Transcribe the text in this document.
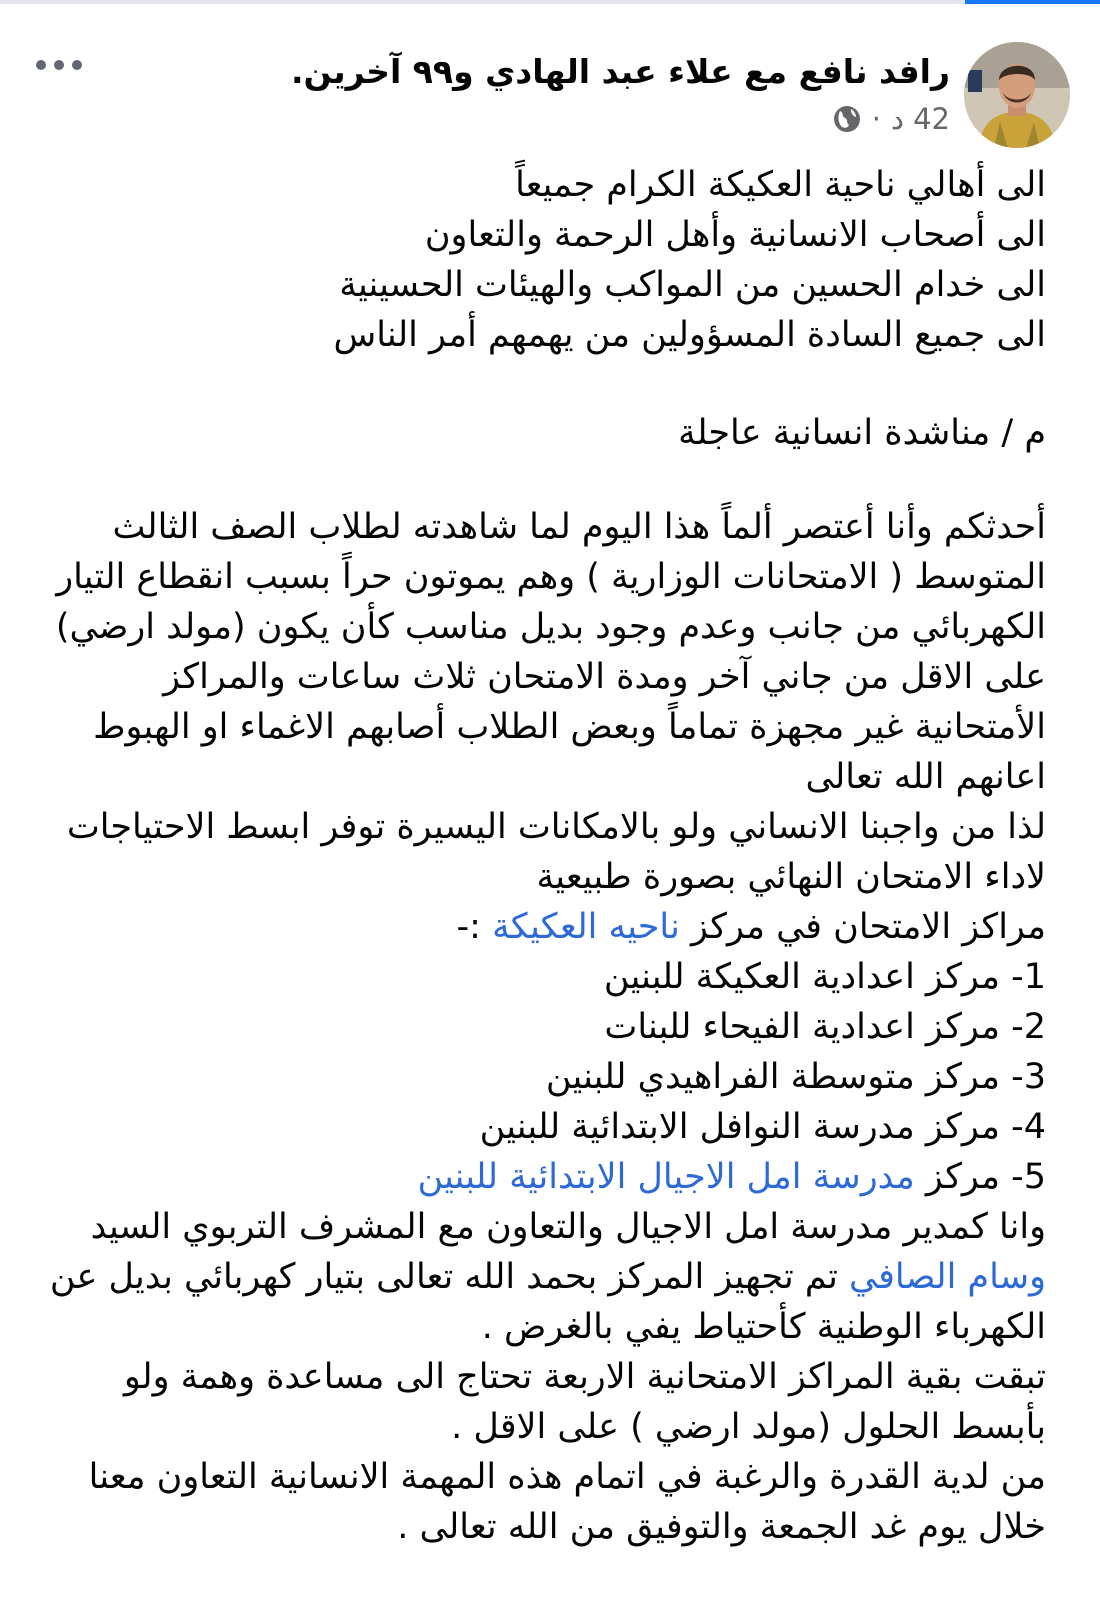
رافد نافع مع علاء عبد الهادي و٩٩ آخرين.
42 د
·

الى أهالي ناحية العكيكة الكرام جميعاً

الى أصحاب الانسانية وأهل الرحمة والتعاون

الى خدام الحسين من المواكب والهيئات الحسينية

الى جميع السادة المسؤولين من يهمهم أمر الناس

م / مناشدة انسانية عاجلة

أحدثكم وأنا أعتصر ألماً هذا اليوم لما شاهدته لطلاب الصف الثالث المتوسط ( الامتحانات الوزارية ) وهم يموتون حراً بسبب انقطاع التيار الكهربائي من جانب وعدم وجود بديل مناسب كأن يكون (مولد ارضي) على الاقل من جاني آخر ومدة الامتحان ثلاث ساعات والمراكز الأمتحانية غير مجهزة تماماً وبعض الطلاب أصابهم الاغماء او الهبوط اعانهم الله تعالى

لذا من واجبنا الانساني ولو بالامكانات اليسيرة توفر ابسط الاحتياجات لاداء الامتحان النهائي بصورة طبيعية

مراكز الامتحان في مركز ناحيه العكيكة :-

1- مركز اعدادية العكيكة للبنين

2- مركز اعدادية الفيحاء للبنات

3- مركز متوسطة الفراهيدي للبنين

4- مركز مدرسة النوافل الابتدائية للبنين

5- مركز مدرسة امل الاجيال الابتدائية للبنين

وانا كمدير مدرسة امل الاجيال والتعاون مع المشرف التربوي السيد وسام الصافي تم تجهيز المركز بحمد الله تعالى بتيار كهربائي بديل عن الكهرباء الوطنية كأحتياط يفي بالغرض .

تبقت بقية المراكز الامتحانية الاربعة تحتاج الى مساعدة وهمة ولو بأبسط الحلول (مولد ارضي ) على الاقل .

من لدية القدرة والرغبة في اتمام هذه المهمة الانسانية التعاون معنا خلال يوم غد الجمعة والتوفيق من الله تعالى .
